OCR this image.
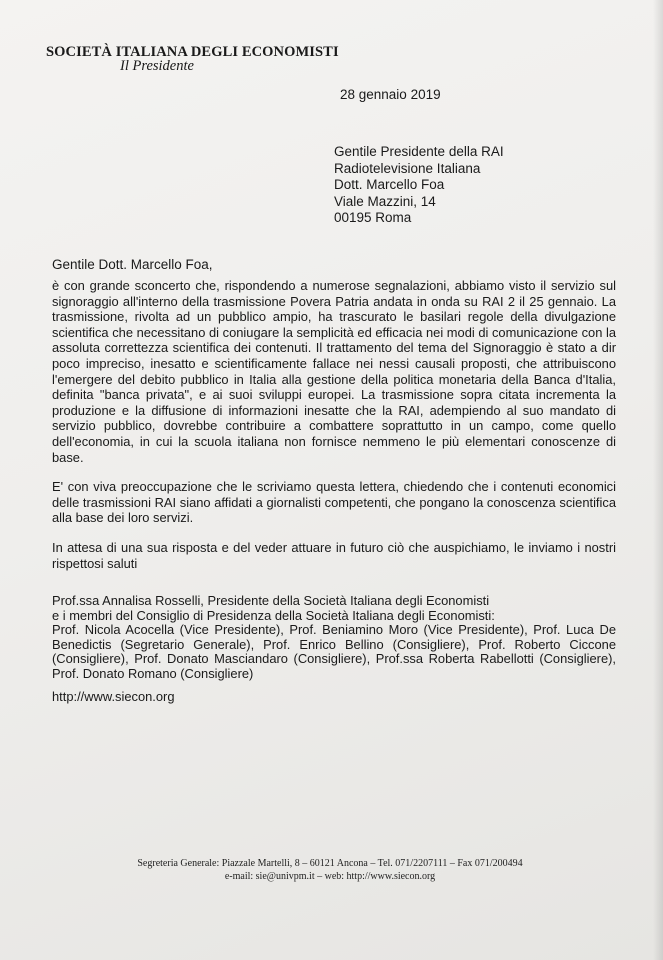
SOCIETÀ ITALIANA DEGLI ECONOMISTI
Il Presidente
28 gennaio 2019
Gentile Presidente della RAI
Radiotelevisione Italiana
Dott. Marcello Foa
Viale Mazzini, 14
00195 Roma
Gentile Dott. Marcello Foa,

è con grande sconcerto che, rispondendo a numerose segnalazioni, abbiamo visto il servizio sul signoraggio all'interno della trasmissione Povera Patria andata in onda su RAI 2 il 25 gennaio. La trasmissione, rivolta ad un pubblico ampio, ha trascurato le basilari regole della divulgazione scientifica che necessitano di coniugare la semplicità ed efficacia nei modi di comunicazione con la assoluta correttezza scientifica dei contenuti. Il trattamento del tema del Signoraggio è stato a dir poco impreciso, inesatto e scientificamente fallace nei nessi causali proposti, che attribuiscono l'emergere del debito pubblico in Italia alla gestione della politica monetaria della Banca d'Italia, definita "banca privata", e ai suoi sviluppi europei. La trasmissione sopra citata incrementa la produzione e la diffusione di informazioni inesatte che la RAI, adempiendo al suo mandato di servizio pubblico, dovrebbe contribuire a combattere soprattutto in un campo, come quello dell'economia, in cui la scuola italiana non fornisce nemmeno le più elementari conoscenze di base.

E' con viva preoccupazione che le scriviamo questa lettera, chiedendo che i contenuti economici delle trasmissioni RAI siano affidati a giornalisti competenti, che pongano la conoscenza scientifica alla base dei loro servizi.

In attesa di una sua risposta e del veder attuare in futuro ciò che auspichiamo, le inviamo i nostri rispettosi saluti

Prof.ssa Annalisa Rosselli, Presidente della Società Italiana degli Economisti

e i membri del Consiglio di Presidenza della Società Italiana degli Economisti:

Prof. Nicola Acocella (Vice Presidente), Prof. Beniamino Moro (Vice Presidente), Prof. Luca De Benedictis (Segretario Generale), Prof. Enrico Bellino (Consigliere), Prof. Roberto Ciccone (Consigliere), Prof. Donato Masciandaro (Consigliere), Prof.ssa Roberta Rabellotti (Consigliere), Prof. Donato Romano (Consigliere)

http://www.siecon.org
Segreteria Generale: Piazzale Martelli, 8 – 60121 Ancona – Tel. 071/2207111 – Fax 071/200494
e-mail: sie@univpm.it – web: http://www.siecon.org
